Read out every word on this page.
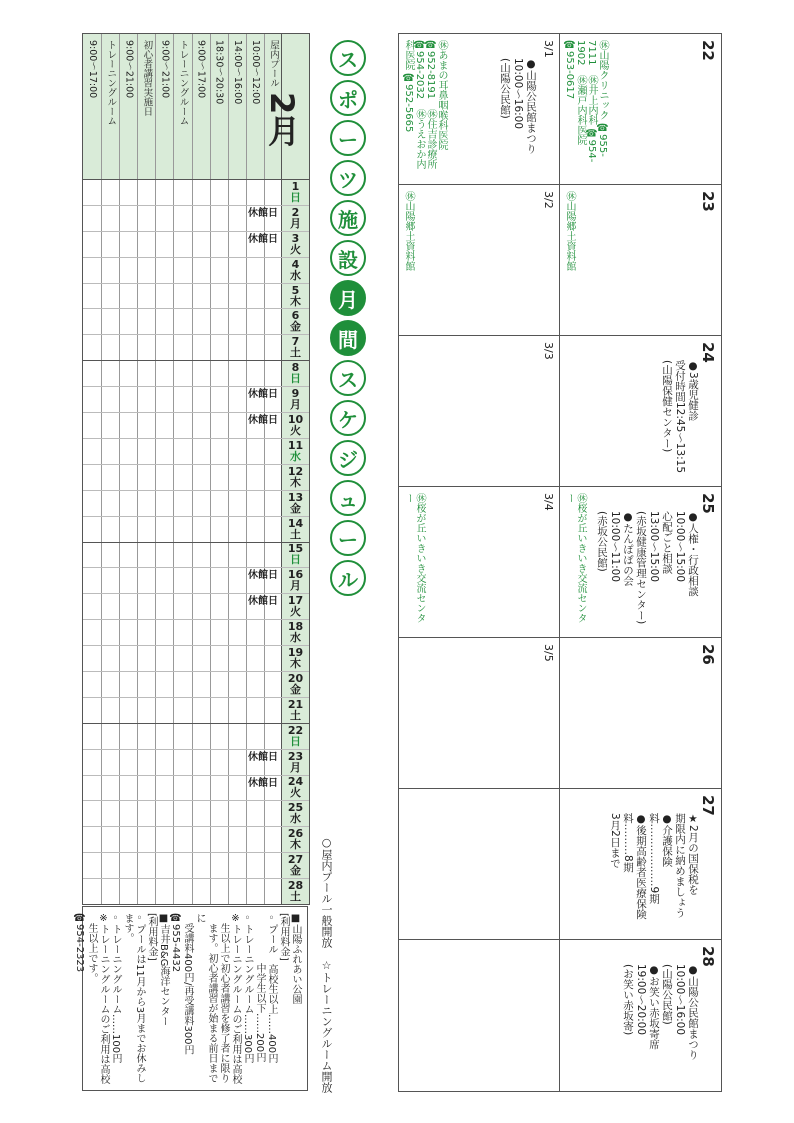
22
㊡山陽クリニック ☎955-7111　㊡井上内科 ☎954-1902　㊡瀬戸内科医院 ☎953-0617
3/1
●山陽公民館まつり
10:00～16:00
(山陽公民館)
㊡あまの耳鼻咽喉科医院 ☎952-8191　㊡住吉診療所 ☎954-2032　㊡うえおか内科医院 ☎952-5665
23
㊡山陽郷土資料館
3/2
㊡山陽郷土資料館
24
●3歳児健診
受付時間12:45～13:15
(山陽保健センター)
3/3
25
●人権・行政相談
10:00～15:00
心配ごと相談
13:00～15:00
(赤坂健康管理センター)
●たんぽぽの会
10:00～11:00
(赤坂公民館)
㊡桜が丘いきいき交流センター
3/4
㊡桜が丘いきいき交流センター
26
3/5
27
★2月の国保税を
期限内に納めましょう
●介護保険料………………9期
●後期高齢者医療保険料………8期
3月2日まで
28
●山陽公民館まつり
10:00～16:00
(山陽公民館)
●お笑い赤坂寄席
19:00～20:00
(お笑い赤坂寄)
ス
ポ
ー
ツ
施
設
月
間
ス
ケ
ジ
ュ
ー
ル
2月
屋内プール
10:00～12:00
14:00～16:00
18:30～20:30
9:00～17:00
トレーニングルーム
9:00～21:00
初心者講習実施日
9:00～21:00
トレーニングルーム
9:00～17:00
1
日
2
月
休館日
3
火
休館日
4
水
5
木
6
金
7
土
8
日
9
月
休館日
10
火
休館日
11
水
12
木
13
金
14
土
15
日
16
月
休館日
17
火
休館日
18
水
19
木
20
金
21
土
22
日
23
月
休館日
24
火
休館日
25
水
26
木
27
金
28
土	○屋内プール一般開放　☆トレーニングルーム開放
■山陽ふれあい公園
[利用料金]
◦プール　高校生以上……400円
　　　　　中学生以下……200円
◦トレーニングルーム……300円
※トレーニングルームのご利用は高校
　生以上で初心者講習を修了者に限り
　ます。初心者講習が始まる前日までに
　受講料400円/再受講料300円
☎955-4432
■吉井B&G海洋センター
[利用料金]
◦プールは11月から3月までお休みします。
◦トレーニングルーム……100円
※トレーニングルームのご利用は高校
　生以上です。
☎954-2323
